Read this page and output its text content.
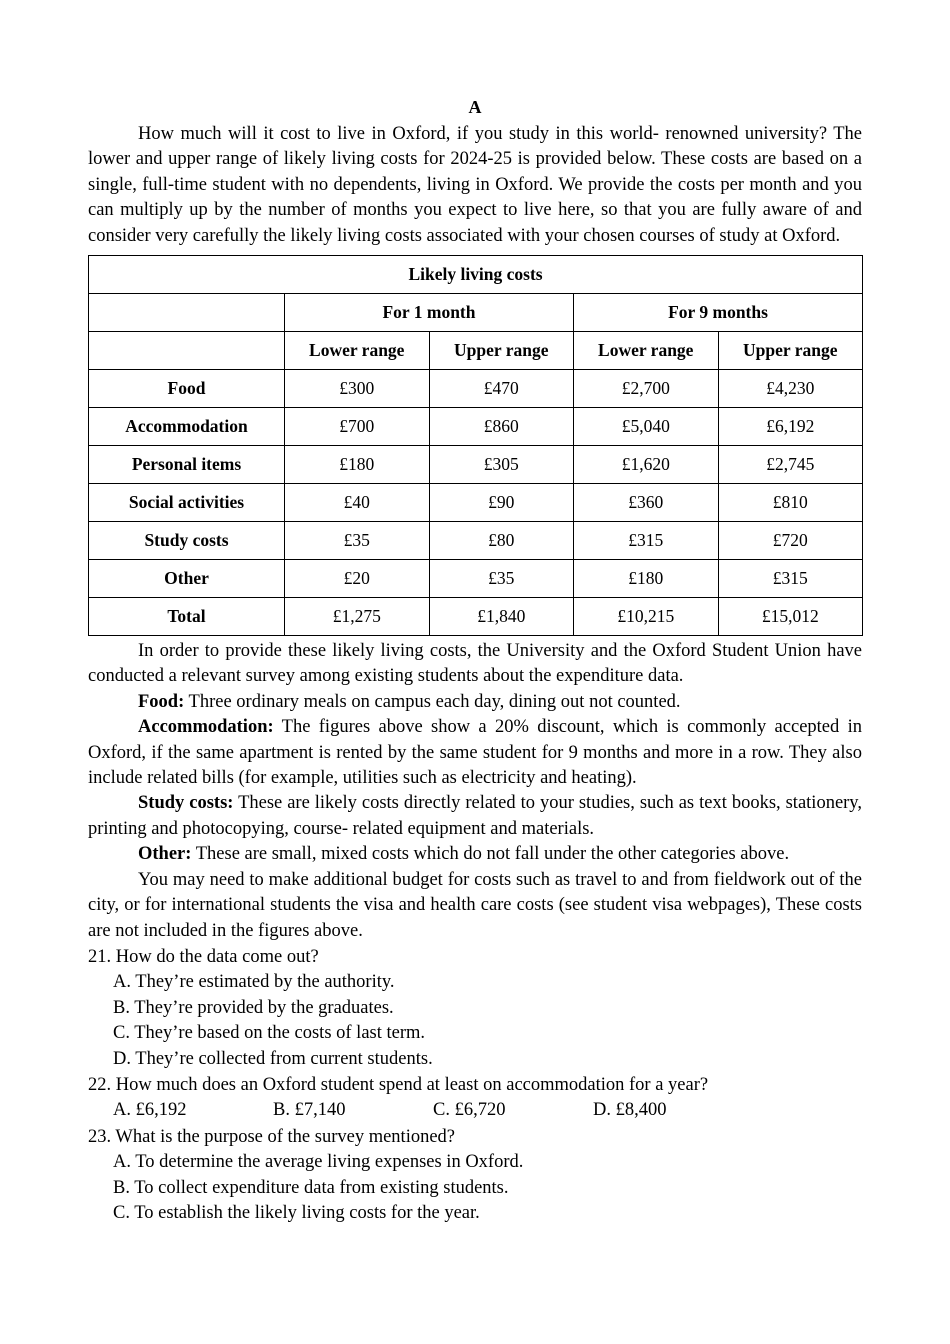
A

How much will it cost to live in Oxford, if you study in this world- renowned university? The lower and upper range of likely living costs for 2024-25 is provided below. These costs are based on a single, full-time student with no dependents, living in Oxford. We provide the costs per month and you can multiply up by the number of months you expect to live here, so that you are fully aware of and consider very carefully the likely living costs associated with your chosen courses of study at Oxford.

Likely living costs				
	For 1 month		For 9 months	
	Lower range	Upper range	Lower range	Upper range
Food	£300	£470	£2,700	£4,230
Accommodation	£700	£860	£5,040	£6,192
Personal items	£180	£305	£1,620	£2,745
Social activities	£40	£90	£360	£810
Study costs	£35	£80	£315	£720
Other	£20	£35	£180	£315
Total	£1,275	£1,840	£10,215	£15,012

In order to provide these likely living costs, the University and the Oxford Student Union have conducted a relevant survey among existing students about the expenditure data.

Food: Three ordinary meals on campus each day, dining out not counted.

Accommodation: The figures above show a 20% discount, which is commonly accepted in Oxford, if the same apartment is rented by the same student for 9 months and more in a row. They also include related bills (for example, utilities such as electricity and heating).

Study costs: These are likely costs directly related to your studies, such as text books, stationery, printing and photocopying, course- related equipment and materials.

Other: These are small, mixed costs which do not fall under the other categories above.

You may need to make additional budget for costs such as travel to and from fieldwork out of the city, or for international students the visa and health care costs (see student visa webpages), These costs are not included in the figures above.

21. How do the data come out?

A. They’re estimated by the authority.

B. They’re provided by the graduates.

C. They’re based on the costs of last term.

D. They’re collected from current students.

22. How much does an Oxford student spend at least on accommodation for a year?

A. £6,192	B. £7,140	C. £6,720	D. £8,400

23. What is the purpose of the survey mentioned?

A. To determine the average living expenses in Oxford.

B. To collect expenditure data from existing students.

C. To establish the likely living costs for the year.
